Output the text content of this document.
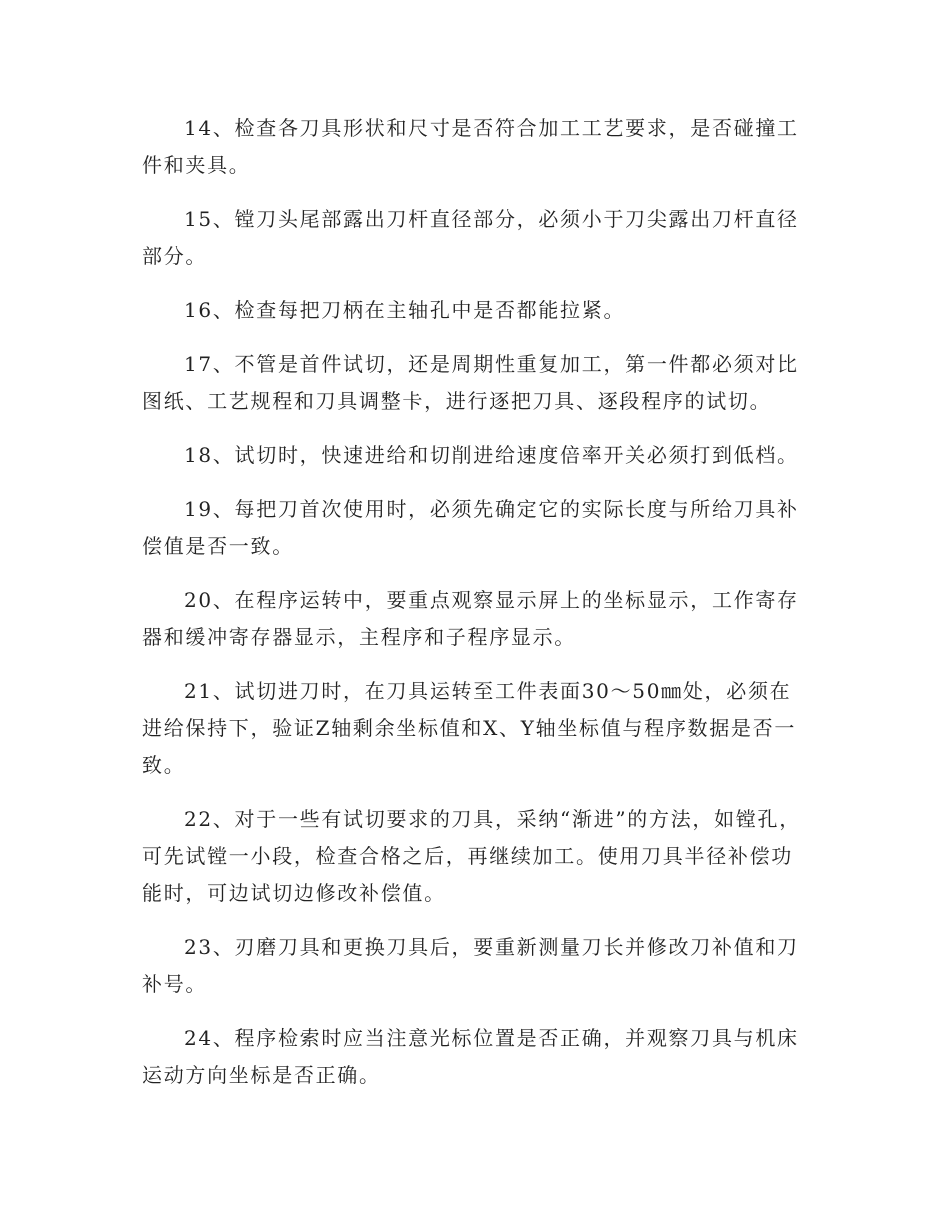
14、检查各刀具形状和尺寸是否符合加工工艺要求，是否碰撞工件和夹具。

15、镗刀头尾部露出刀杆直径部分，必须小于刀尖露出刀杆直径部分。

16、检查每把刀柄在主轴孔中是否都能拉紧。

17、不管是首件试切，还是周期性重复加工，第一件都必须对比图纸、工艺规程和刀具调整卡，进行逐把刀具、逐段程序的试切。

18、试切时，快速进给和切削进给速度倍率开关必须打到低档。

19、每把刀首次使用时，必须先确定它的实际长度与所给刀具补偿值是否一致。

20、在程序运转中，要重点观察显示屏上的坐标显示，工作寄存器和缓冲寄存器显示，主程序和子程序显示。

21、试切进刀时，在刀具运转至工件表面30～50㎜处，必须在进给保持下，验证Z轴剩余坐标值和X、Y轴坐标值与程序数据是否一致。

22、对于一些有试切要求的刀具，采纳“渐进”的方法，如镗孔，可先试镗一小段，检查合格之后，再继续加工。使用刀具半径补偿功能时，可边试切边修改补偿值。

23、刃磨刀具和更换刀具后，要重新测量刀长并修改刀补值和刀补号。

24、程序检索时应当注意光标位置是否正确，并观察刀具与机床运动方向坐标是否正确。
